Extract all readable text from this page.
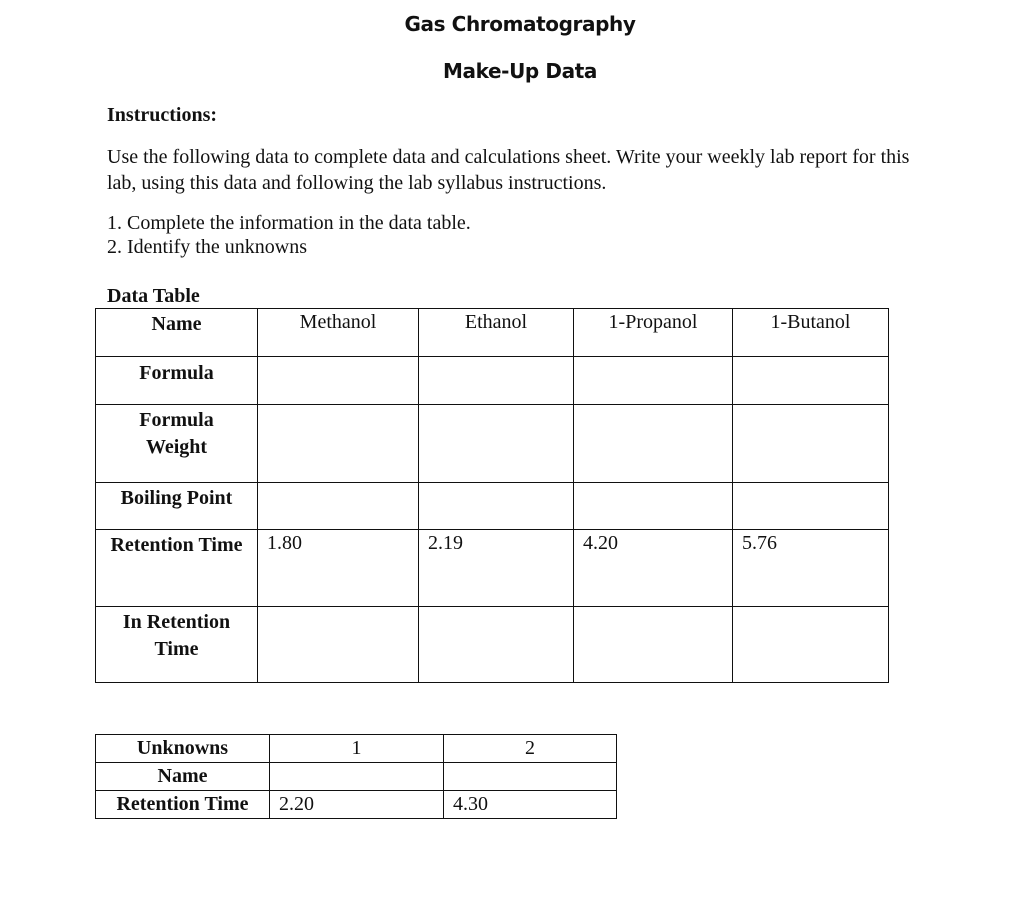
Gas Chromatography
Make-Up Data
Instructions:
Use the following data to complete data and calculations sheet. Write your weekly lab report for this lab, using this data and following the lab syllabus instructions.
1. Complete the information in the data table.
2. Identify the unknowns
Data Table
Name	Methanol	Ethanol	1-Propanol	1-Butanol
Formula				
Formula Weight				
Boiling Point				
Retention Time	1.80	2.19	4.20	5.76
In Retention Time				
Unknowns	1	2
Name		
Retention Time	2.20	4.30
